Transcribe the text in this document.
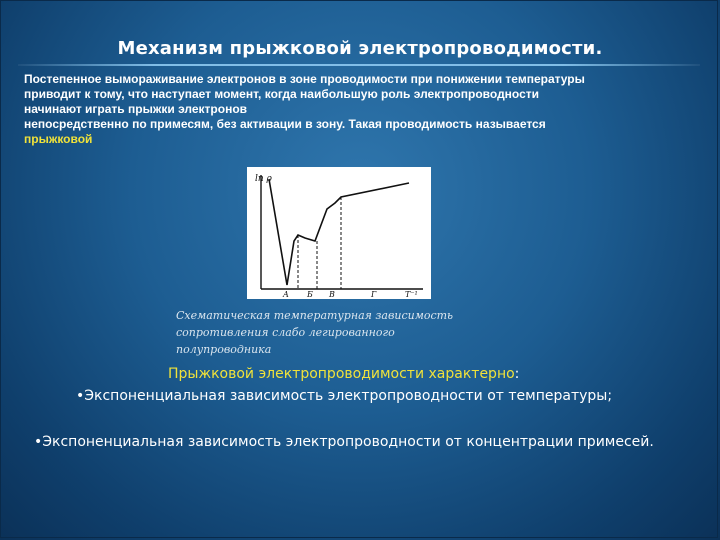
Механизм прыжковой электропроводимости.
Постепенное вымораживание электронов в зоне проводимости при понижении температуры
приводит к тому, что наступает момент, когда наибольшую роль электропроводности
начинают играть прыжки электронов
непосредственно по примесям, без активации в зону. Такая проводимость называется
прыжковой
ln ρ
T⁻¹
A Б В	Г
Схематическая температурная зависимость
сопротивления слабо легированного
полупроводника
Прыжковой электропроводимости характерно:
•Экспоненциальная зависимость электропроводности от температуры;
•Экспоненциальная зависимость электропроводности от концентрации примесей.
